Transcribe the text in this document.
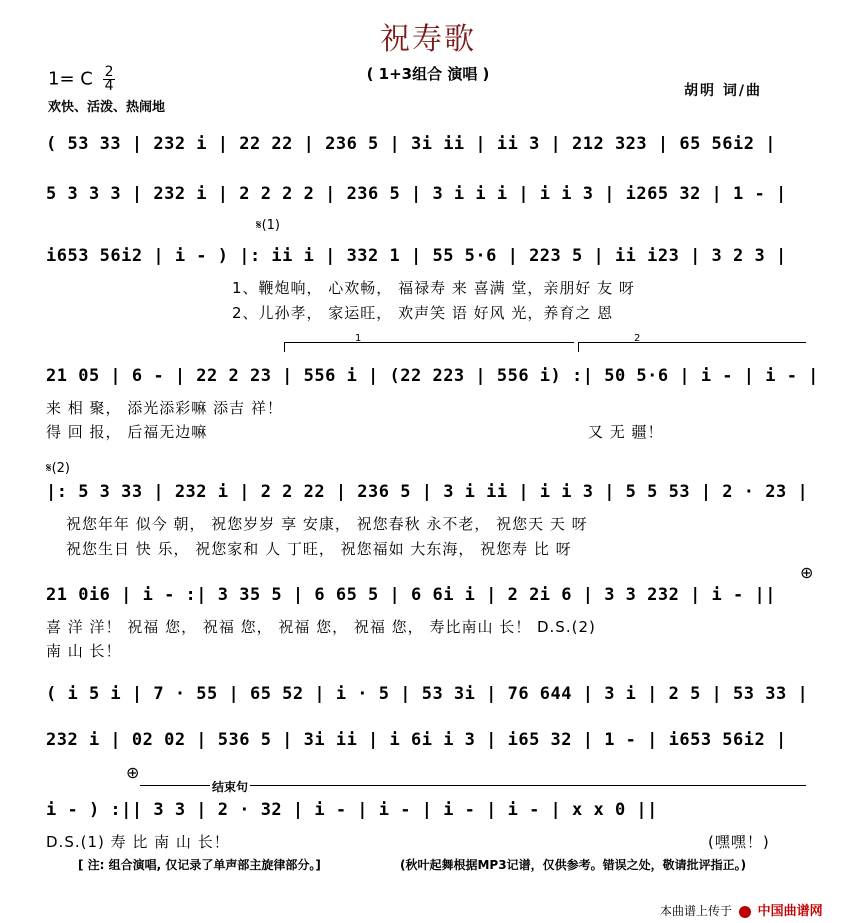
祝寿歌
( 1+3组合 演唱 )
1= C $\frac{2}{4}$
欢快、活泼、热闹地
胡明 词/曲
( 53 33 | 232 i | 22 22 | 236 5 | 3i ii | ii 3 | 212 323 | 65 56i2 |
5 3 3 3 | 232 i | 2 2 2 2 | 236 5 | 3 i i i | i i 3 | i265 32 | 1 - |
𝄋(1)
i653 56i2 | i - ) |: ii i | 332 1 | 55 5·6 | 223 5 | ii i23 | 3 2 3 |
1、鞭炮响， 心欢畅， 福禄寿 来 喜满 堂，亲朋好 友 呀
2、儿孙孝， 家运旺， 欢声笑 语 好风 光，养育之 恩
1	2
21 05 | 6 - | 22 2 23 | 556 i | (22 223 | 556 i) :| 50 5·6 | i - | i - |
来 相 聚， 添光添彩嘛 添吉 祥！
得 回 报， 后福无边嘛	又 无 疆！
𝄋(2)
|: 5 3 33 | 232 i | 2 2 22 | 236 5 | 3 i ii | i i 3 | 5 5 53 | 2 · 23 |
祝您年年 似今 朝， 祝您岁岁 享 安康， 祝您春秋 永不老， 祝您天 天 呀
祝您生日 快 乐， 祝您家和 人 丁旺， 祝您福如 大东海， 祝您寿 比 呀
⊕
21 0i6 | i - :| 3 35 5 | 6 65 5 | 6 6i i | 2 2i 6 | 3 3 232 | i - ||
喜 洋 洋！ 祝福 您， 祝福 您， 祝福 您， 祝福 您， 寿比南山 长！ D.S.(2)
南 山 长！
( i 5 i | 7 · 55 | 65 52 | i · 5 | 53 3i | 76 644 | 3 i | 2 5 | 53 33 |
232 i | 02 02 | 536 5 | 3i ii | i 6i i 3 | i65 32 | 1 - | i653 56i2 |
⊕
结束句
i - ) :|| 3 3 | 2 · 32 | i - | i - | i - | i - | x x 0 ||
D.S.(1) 寿 比 南 山 长！	(嘿嘿！)
[ 注: 组合演唱, 仅记录了单声部主旋律部分。]	(秋叶起舞根据MP3记谱，仅供参考。错误之处，敬请批评指正。)
本曲谱上传于 中国曲谱网
